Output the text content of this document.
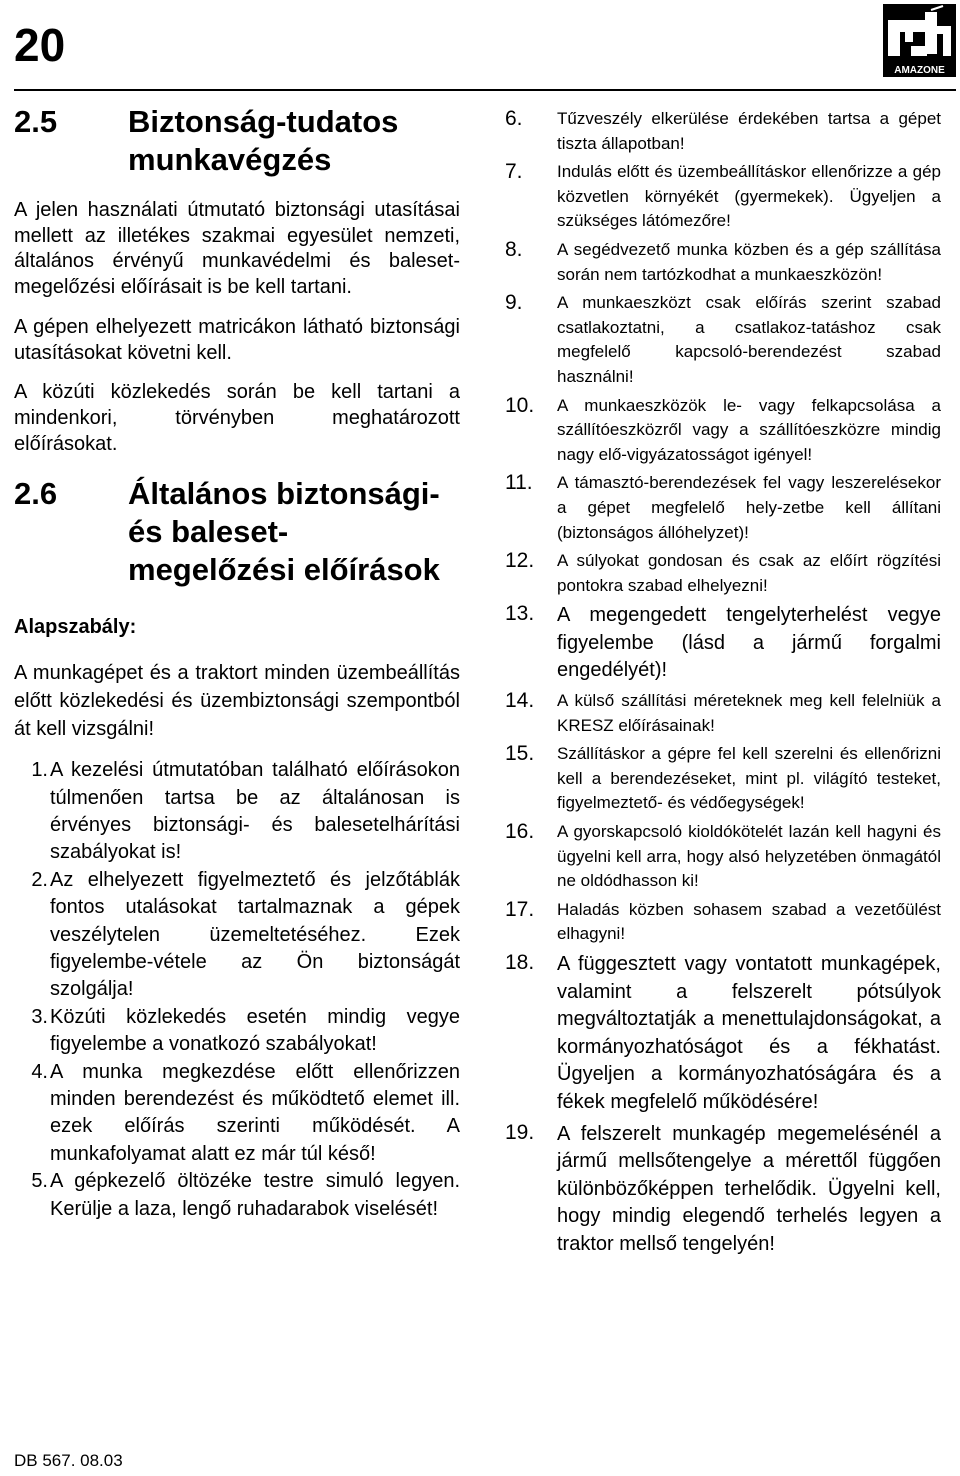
20	AMAZONE
2.5	Biztonság-tudatos munkavégzés

A jelen használati útmutató biztonsági utasításai mellett az illetékes szakmai egyesület nemzeti, általános érvényű munkavédelmi és baleset-megelőzési előírásait is be kell tartani.

A gépen elhelyezett matricákon látható biztonsági utasításokat követni kell.

A közúti közlekedés során be kell tartani a mindenkori, törvényben meghatározott előírásokat.

2.6	Általános biztonsági- és baleset- megelőzési előírások
Alapszabály:

A munkagépet és a traktort minden üzembeállítás előtt közlekedési és üzembiztonsági szempontból át kell vizsgálni!

1. A kezelési útmutatóban található előírásokon túlmenően tartsa be az általánosan is érvényes biztonsági- és balesetelhárítási szabályokat is!
2. Az elhelyezett figyelmeztető és jelzőtáblák fontos utalásokat tartalmaznak a gépek veszélytelen üzemeltetéséhez. Ezek figyelembe-vétele az Ön biztonságát szolgálja!
3. Közúti közlekedés esetén mindig vegye figyelembe a vonatkozó szabályokat!
4. A munka megkezdése előtt ellenőrizzen minden berendezést és működtető elemet ill. ezek előírás szerinti működését. A munkafolyamat alatt ez már túl késő!
5. A gépkezelő öltözéke testre simuló legyen. Kerülje a laza, lengő ruhadarabok viselését!
6.	Tűzveszély elkerülése érdekében tartsa a gépet tiszta állapotban!
7.	Indulás előtt és üzembeállításkor ellenőrizze a gép közvetlen környékét (gyermekek). Ügyeljen a szükséges látómezőre!
8.	A segédvezető munka közben és a gép szállítása során nem tartózkodhat a munkaeszközön!
9.	A munkaeszközt csak előírás szerint szabad csatlakoztatni, a csatlakoz-tatáshoz csak megfelelő kapcsoló-berendezést szabad használni!
10.	A munkaeszközök le- vagy felkapcsolása a szállítóeszközről vagy a szállítóeszközre mindig nagy elő-vigyázatosságot igényel!
11.	A támasztó-berendezések fel vagy leszerelésekor a gépet megfelelő hely-zetbe kell állítani (biztonságos állóhelyzet)!
12.	A súlyokat gondosan és csak az előírt rögzítési pontokra szabad elhelyezni!
13.	A megengedett tengelyterhelést vegye figyelembe (lásd a jármű forgalmi engedélyét)!
14.	A külső szállítási méreteknek meg kell felelniük a KRESZ előírásainak!
15.	Szállításkor a gépre fel kell szerelni és ellenőrizni kell a berendezéseket, mint pl. világító testeket, figyelmeztető- és védőegységek!
16.	A gyorskapcsoló kioldókötelét lazán kell hagyni és ügyelni kell arra, hogy alsó helyzetében önmagától ne oldódhasson ki!
17.	Haladás közben sohasem szabad a vezetőülést elhagyni!
18.	A függesztett vagy vontatott munkagépek, valamint a felszerelt pótsúlyok megváltoztatják a menettulajdonságokat, a kormányozhatóságot és a fékhatást. Ügyeljen a kormányozhatóságára és a fékek megfelelő működésére!
19.	A felszerelt munkagép megemelésénél a jármű mellsőtengelye a mérettől függően különbözőképpen terhelődik. Ügyelni kell, hogy mindig elegendő terhelés legyen a traktor mellső tengelyén!
DB 567. 08.03
